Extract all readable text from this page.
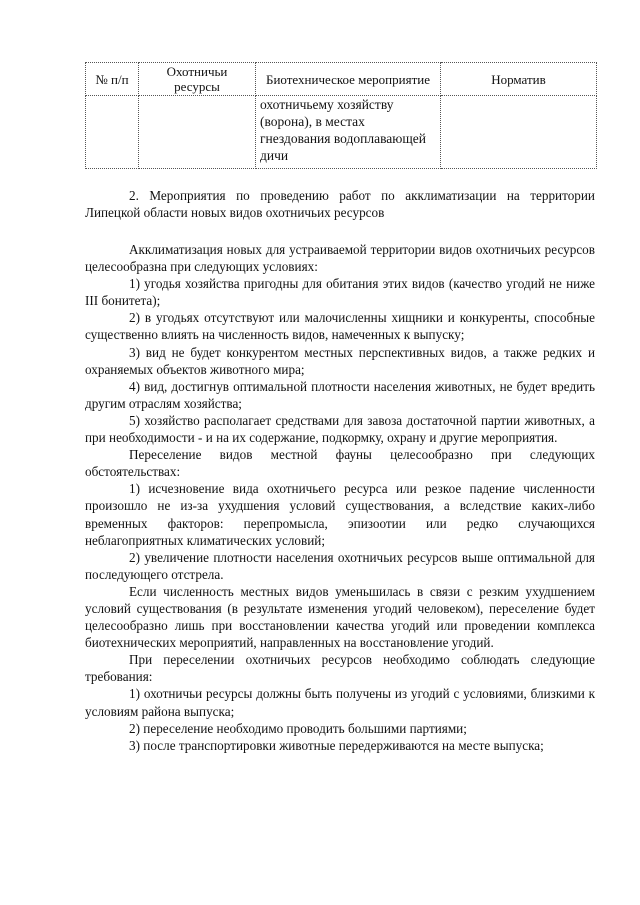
№ п/п	Охотничьи ресурсы	Биотехническое мероприятие	Норматив
		охотничьему хозяйству (ворона), в местах гнездования водоплавающей дичи	

2. Мероприятия по проведению работ по акклиматизации на территории Липецкой области новых видов охотничьих ресурсов

Акклиматизация новых для устраиваемой территории видов охотничьих ресурсов целесообразна при следующих условиях:

1) угодья хозяйства пригодны для обитания этих видов (качество угодий не ниже III бонитета);

2) в угодьях отсутствуют или малочисленны хищники и конкуренты, способные существенно влиять на численность видов, намеченных к выпуску;

3) вид не будет конкурентом местных перспективных видов, а также редких и охраняемых объектов животного мира;

4) вид, достигнув оптимальной плотности населения животных, не будет вредить другим отраслям хозяйства;

5) хозяйство располагает средствами для завоза достаточной партии животных, а при необходимости - и на их содержание, подкормку, охрану и другие мероприятия.

Переселение видов местной фауны целесообразно при следующих обстоятельствах:

1) исчезновение вида охотничьего ресурса или резкое падение численности произошло не из-за ухудшения условий существования, а вследствие каких-либо временных факторов: перепромысла, эпизоотии или редко случающихся неблагоприятных климатических условий;

2) увеличение плотности населения охотничьих ресурсов выше оптимальной для последующего отстрела.

Если численность местных видов уменьшилась в связи с резким ухудшением условий существования (в результате изменения угодий человеком), переселение будет целесообразно лишь при восстановлении качества угодий или проведении комплекса биотехнических мероприятий, направленных на восстановление угодий.

При переселении охотничьих ресурсов необходимо соблюдать следующие требования:

1) охотничьи ресурсы должны быть получены из угодий с условиями, близкими к условиям района выпуска;

2) переселение необходимо проводить большими партиями;

3) после транспортировки животные передерживаются на месте выпуска;
